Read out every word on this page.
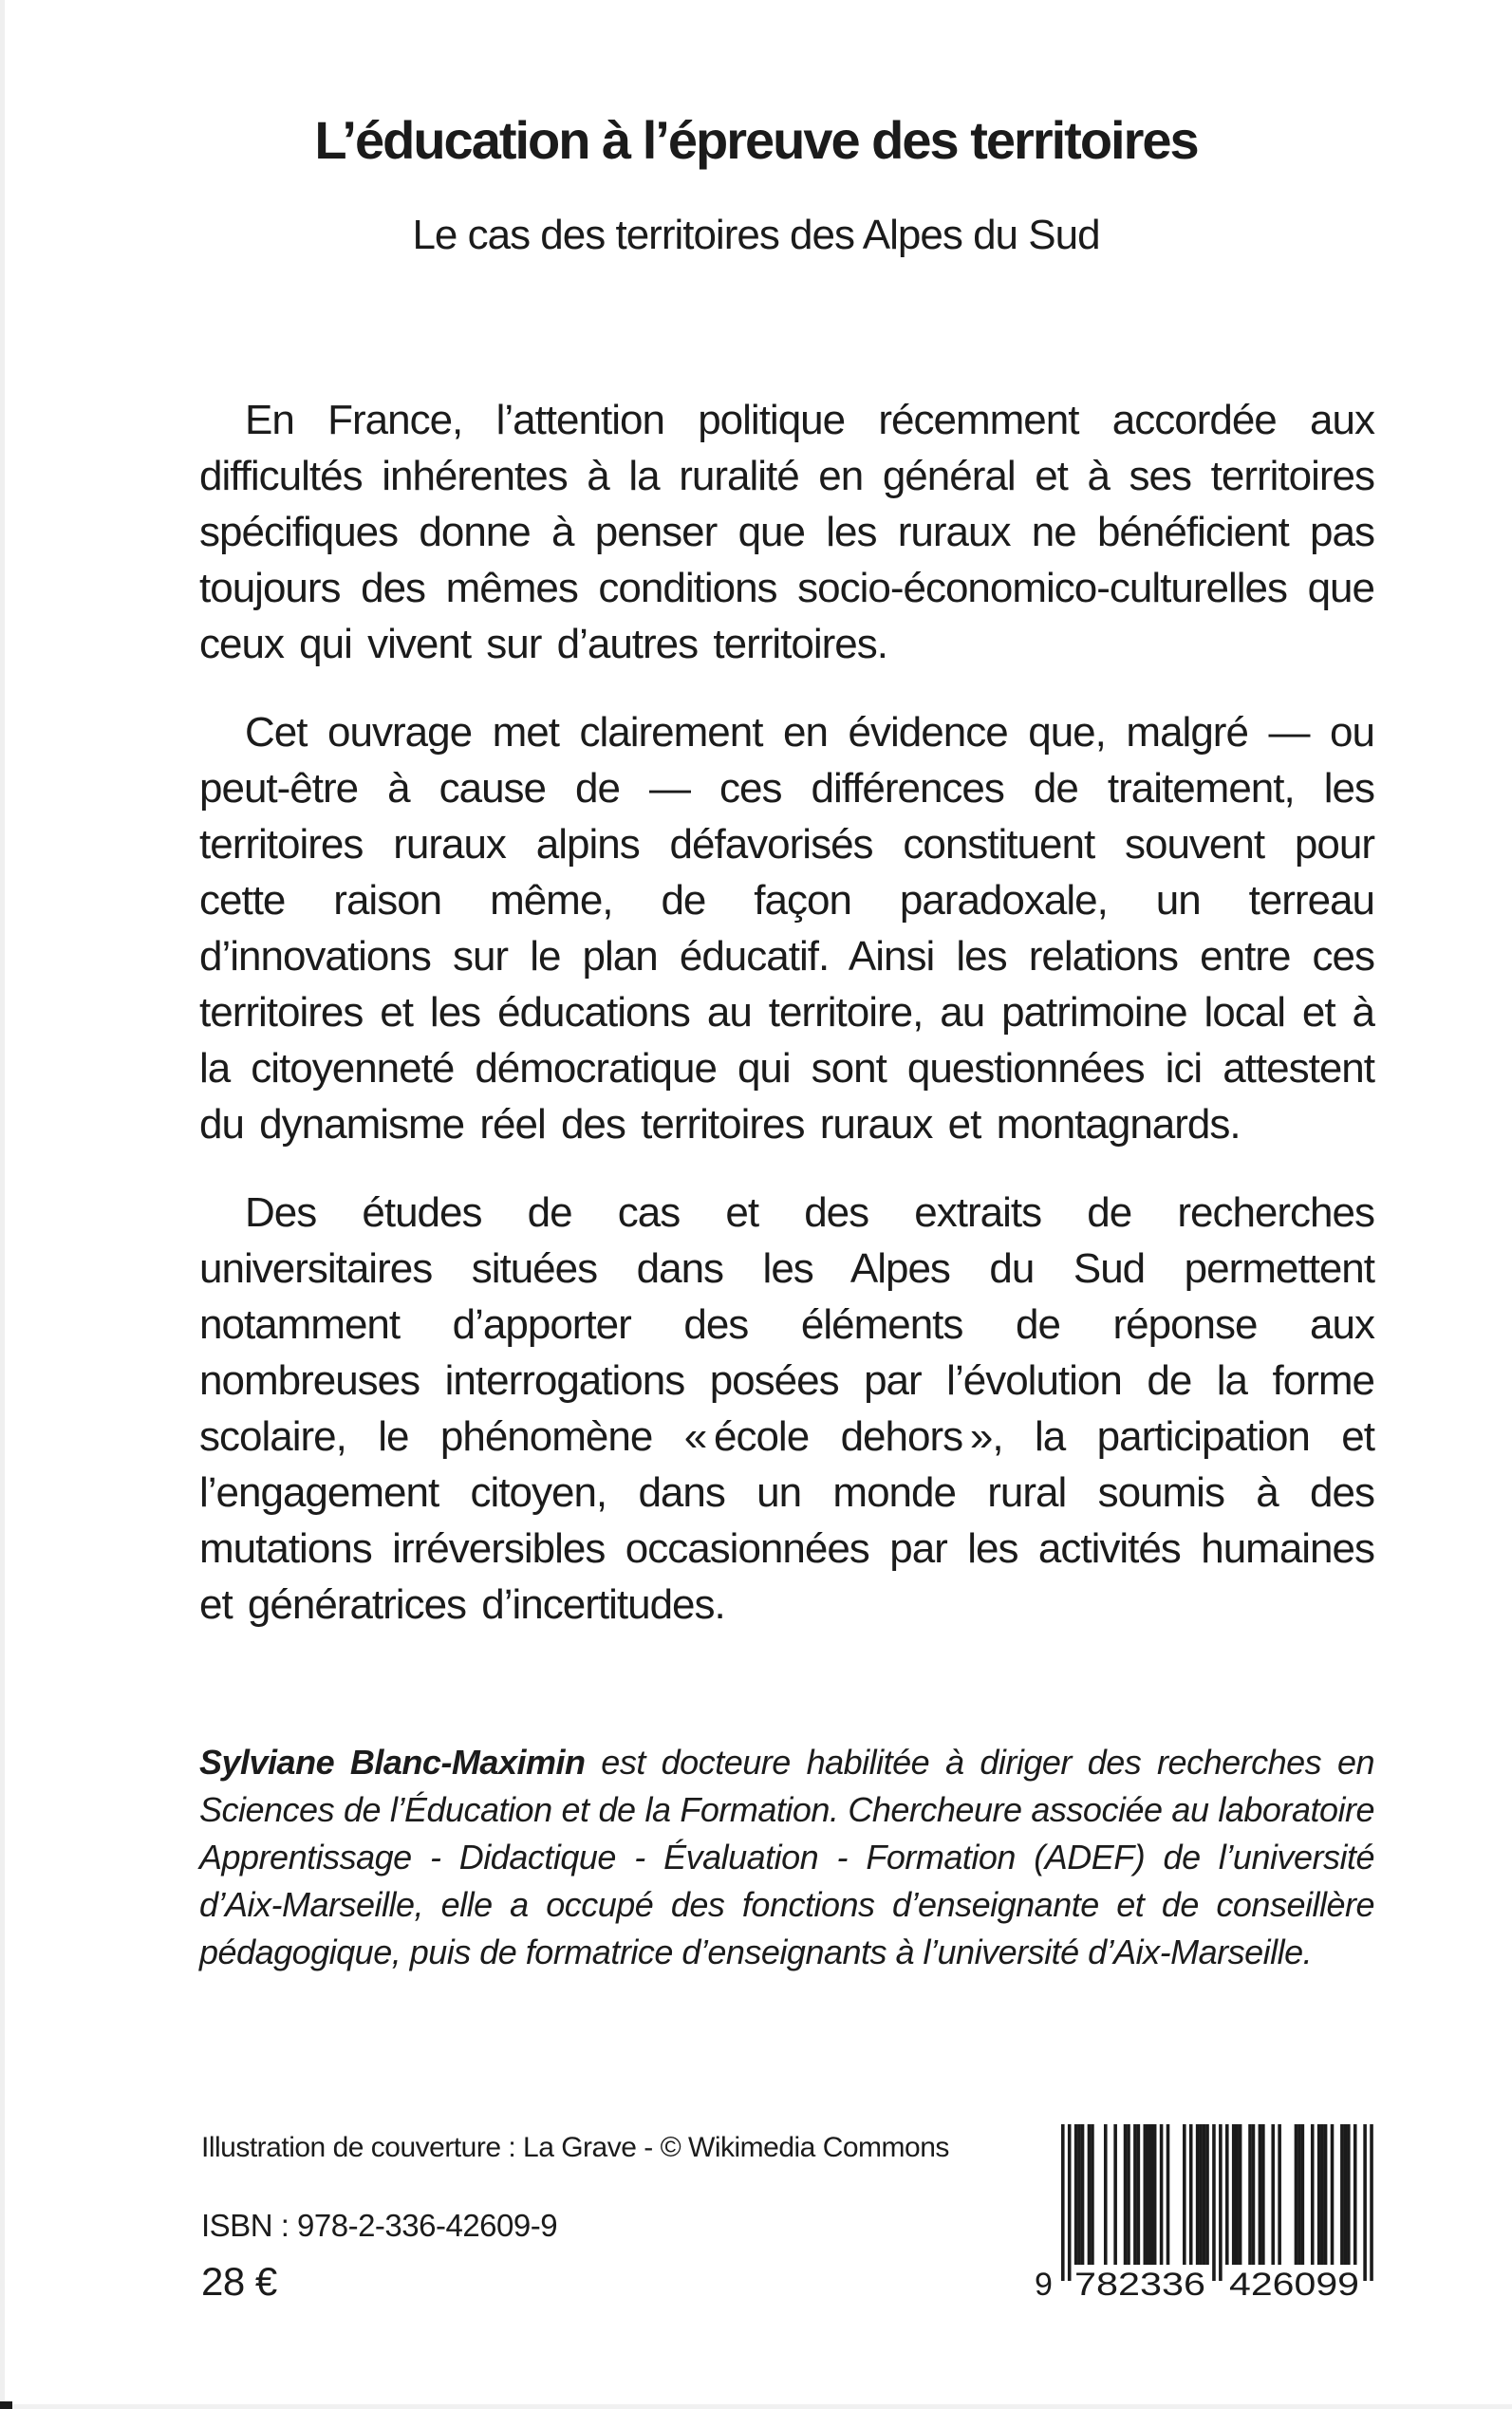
L’éducation à l’épreuve des territoires
Le cas des territoires des Alpes du Sud

En France, l’attention politique récemment accordée aux difficultés inhérentes à la ruralité en général et à ses territoires spécifiques donne à penser que les ruraux ne bénéficient pas toujours des mêmes conditions socio-économico-culturelles que ceux qui vivent sur d’autres territoires.

Cet ouvrage met clairement en évidence que, malgré — ou peut-être à cause de — ces différences de traitement, les territoires ruraux alpins défavorisés constituent souvent pour cette raison même, de façon paradoxale, un terreau d’innovations sur le plan éducatif. Ainsi les relations entre ces territoires et les éducations au territoire, au patrimoine local et à la citoyenneté démocratique qui sont questionnées ici attestent du dynamisme réel des territoires ruraux et montagnards.

Des études de cas et des extraits de recherches universitaires situées dans les Alpes du Sud permettent notamment d’apporter des éléments de réponse aux nombreuses interrogations posées par l’évolution de la forme scolaire, le phénomène « école dehors », la participation et l’engagement citoyen, dans un monde rural soumis à des mutations irréversibles occasionnées par les activités humaines et génératrices d’incertitudes.

Sylviane Blanc-Maximin est docteure habilitée à diriger des recherches en Sciences de l’Éducation et de la Formation. Chercheure associée au laboratoire Apprentissage - Didactique - Évaluation - Formation (ADEF) de l’université d’Aix-Marseille, elle a occupé des fonctions d’enseignante et de conseillère pédagogique, puis de formatrice d’enseignants à l’université d’Aix-Marseille.

Illustration de couverture : La Grave - © Wikimedia Commons

ISBN : 978-2-336-42609-9

28 €	9 782336 426099
